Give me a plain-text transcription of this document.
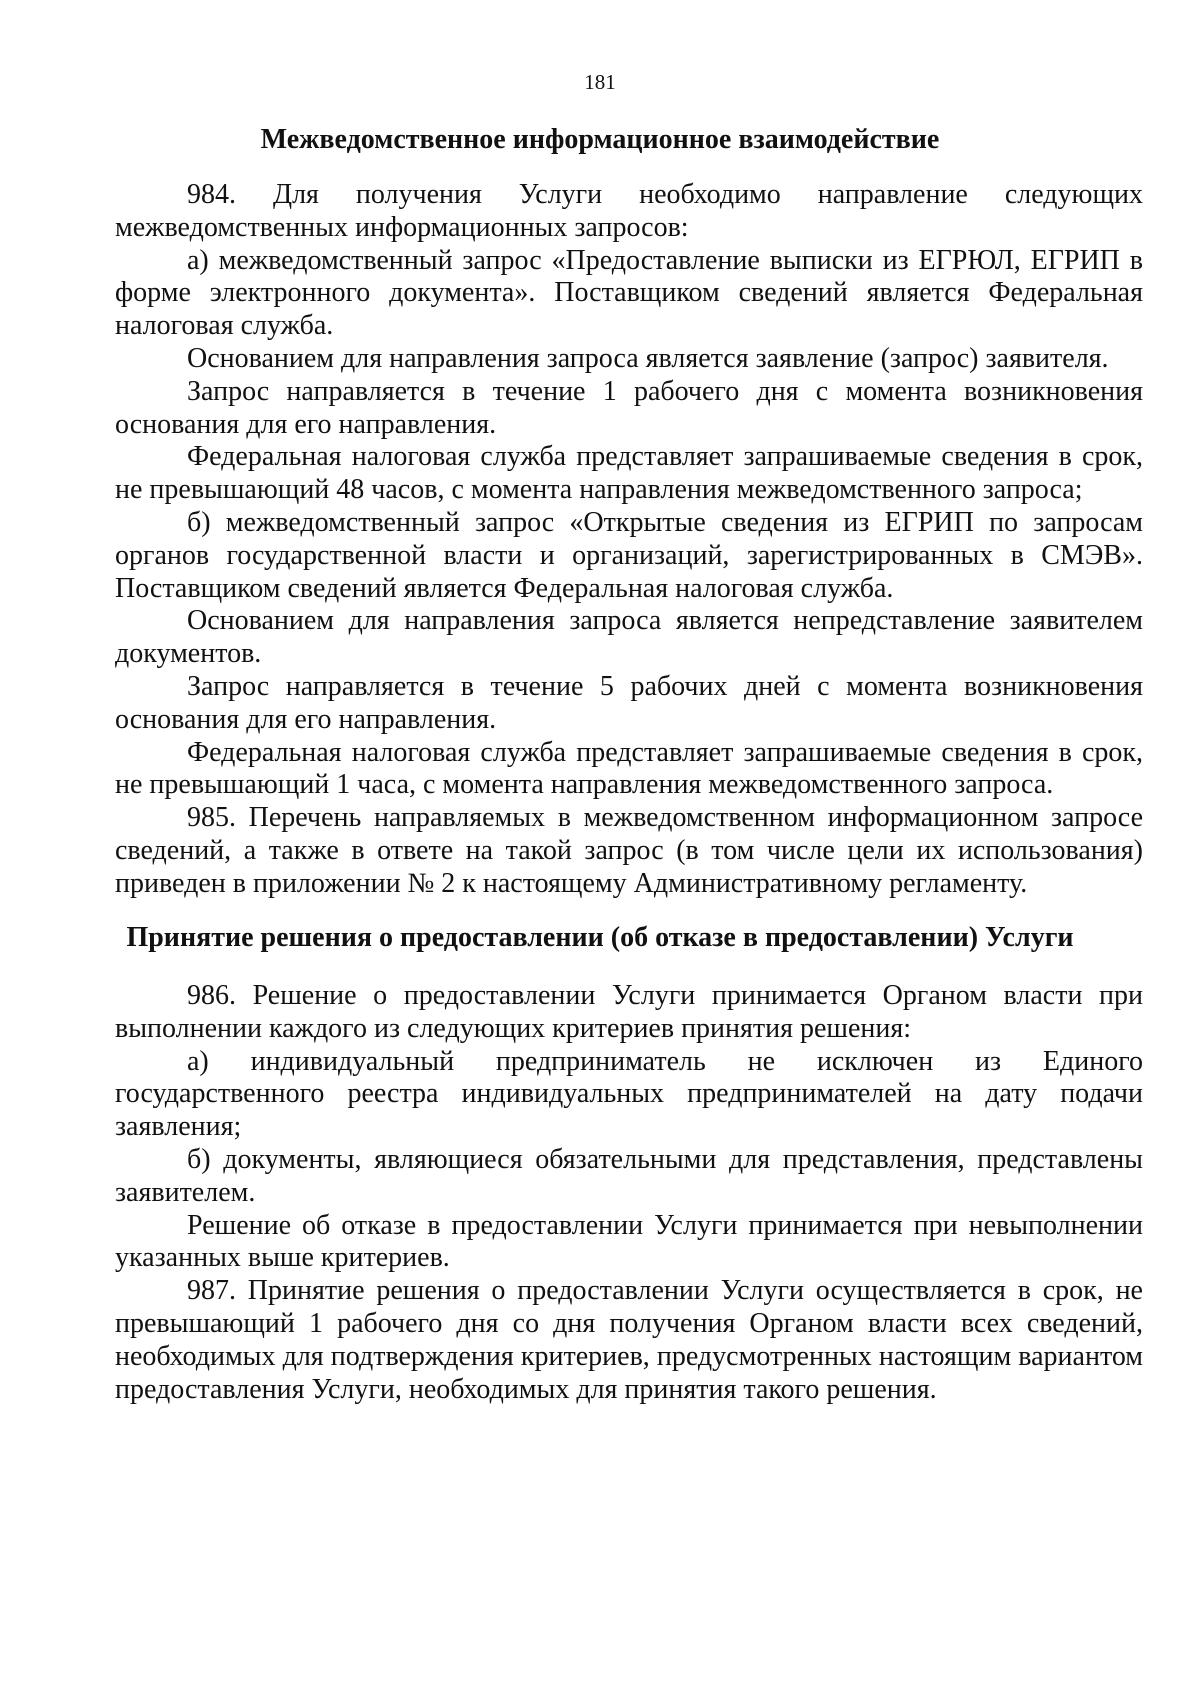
181
Межведомственное информационное взаимодействие

984. Для получения Услуги необходимо направление следующих межведомственных информационных запросов:

а) межведомственный запрос «Предоставление выписки из ЕГРЮЛ, ЕГРИП в форме электронного документа». Поставщиком сведений является Федеральная налоговая служба.

Основанием для направления запроса является заявление (запрос) заявителя.

Запрос направляется в течение 1 рабочего дня с момента возникновения основания для его направления.

Федеральная налоговая служба представляет запрашиваемые сведения в срок, не превышающий 48 часов, с момента направления межведомственного запроса;

б) межведомственный запрос «Открытые сведения из ЕГРИП по запросам органов государственной власти и организаций, зарегистрированных в СМЭВ». Поставщиком сведений является Федеральная налоговая служба.

Основанием для направления запроса является непредставление заявителем документов.

Запрос направляется в течение 5 рабочих дней с момента возникновения основания для его направления.

Федеральная налоговая служба представляет запрашиваемые сведения в срок, не превышающий 1 часа, с момента направления межведомственного запроса.

985. Перечень направляемых в межведомственном информационном запросе сведений, а также в ответе на такой запрос (в том числе цели их использования) приведен в приложении № 2 к настоящему Административному регламенту.

Принятие решения о предоставлении (об отказе в предоставлении) Услуги

986. Решение о предоставлении Услуги принимается Органом власти при выполнении каждого из следующих критериев принятия решения:

а) индивидуальный предприниматель не исключен из Единого государственного реестра индивидуальных предпринимателей на дату подачи заявления;

б) документы, являющиеся обязательными для представления, представлены заявителем.

Решение об отказе в предоставлении Услуги принимается при невыполнении указанных выше критериев.

987. Принятие решения о предоставлении Услуги осуществляется в срок, не превышающий 1 рабочего дня со дня получения Органом власти всех сведений, необходимых для подтверждения критериев, предусмотренных настоящим вариантом предоставления Услуги, необходимых для принятия такого решения.
